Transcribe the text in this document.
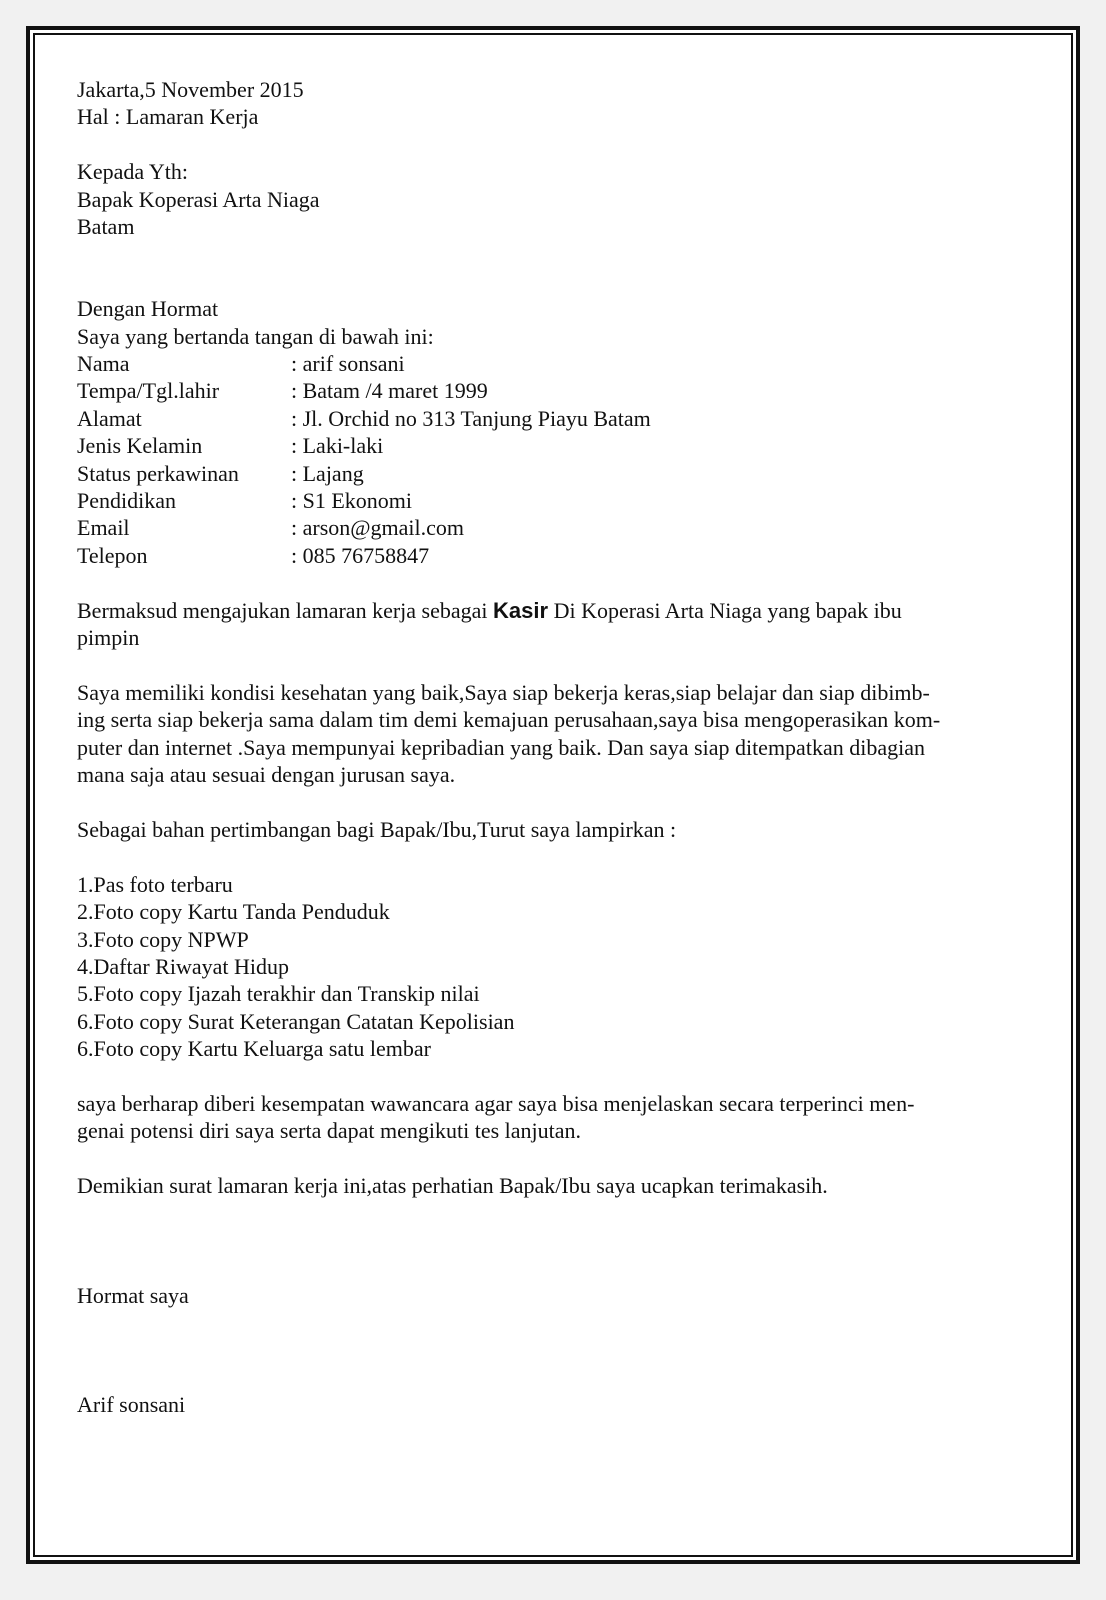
Jakarta,5 November 2015
Hal : Lamaran Kerja
Kepada Yth:
Bapak Koperasi Arta Niaga
Batam
Dengan Hormat
Saya yang bertanda tangan di bawah ini:
Nama	: arif sonsani
Tempa/Tgl.lahir	: Batam /4 maret 1999
Alamat	: Jl. Orchid no 313 Tanjung Piayu Batam
Jenis Kelamin	: Laki-laki
Status perkawinan	: Lajang
Pendidikan	: S1 Ekonomi
Email	: arson@gmail.com
Telepon	: 085 76758847
Bermaksud mengajukan lamaran kerja sebagai Kasir Di Koperasi Arta Niaga yang bapak ibu
pimpin
Saya memiliki kondisi kesehatan yang baik,Saya siap bekerja keras,siap belajar dan siap dibimb-
ing serta siap bekerja sama dalam tim demi kemajuan perusahaan,saya bisa mengoperasikan kom-
puter dan internet .Saya mempunyai kepribadian yang baik. Dan saya siap ditempatkan dibagian
mana saja atau sesuai dengan jurusan saya.
Sebagai bahan pertimbangan bagi Bapak/Ibu,Turut saya lampirkan :
1.Pas foto terbaru
2.Foto copy Kartu Tanda Penduduk
3.Foto copy NPWP
4.Daftar Riwayat Hidup
5.Foto copy Ijazah terakhir dan Transkip nilai
6.Foto copy Surat Keterangan Catatan Kepolisian
6.Foto copy Kartu Keluarga satu lembar
saya berharap diberi kesempatan wawancara agar saya bisa menjelaskan secara terperinci men-
genai potensi diri saya serta dapat mengikuti tes lanjutan.
Demikian surat lamaran kerja ini,atas perhatian Bapak/Ibu saya ucapkan terimakasih.
Hormat saya
Arif sonsani
